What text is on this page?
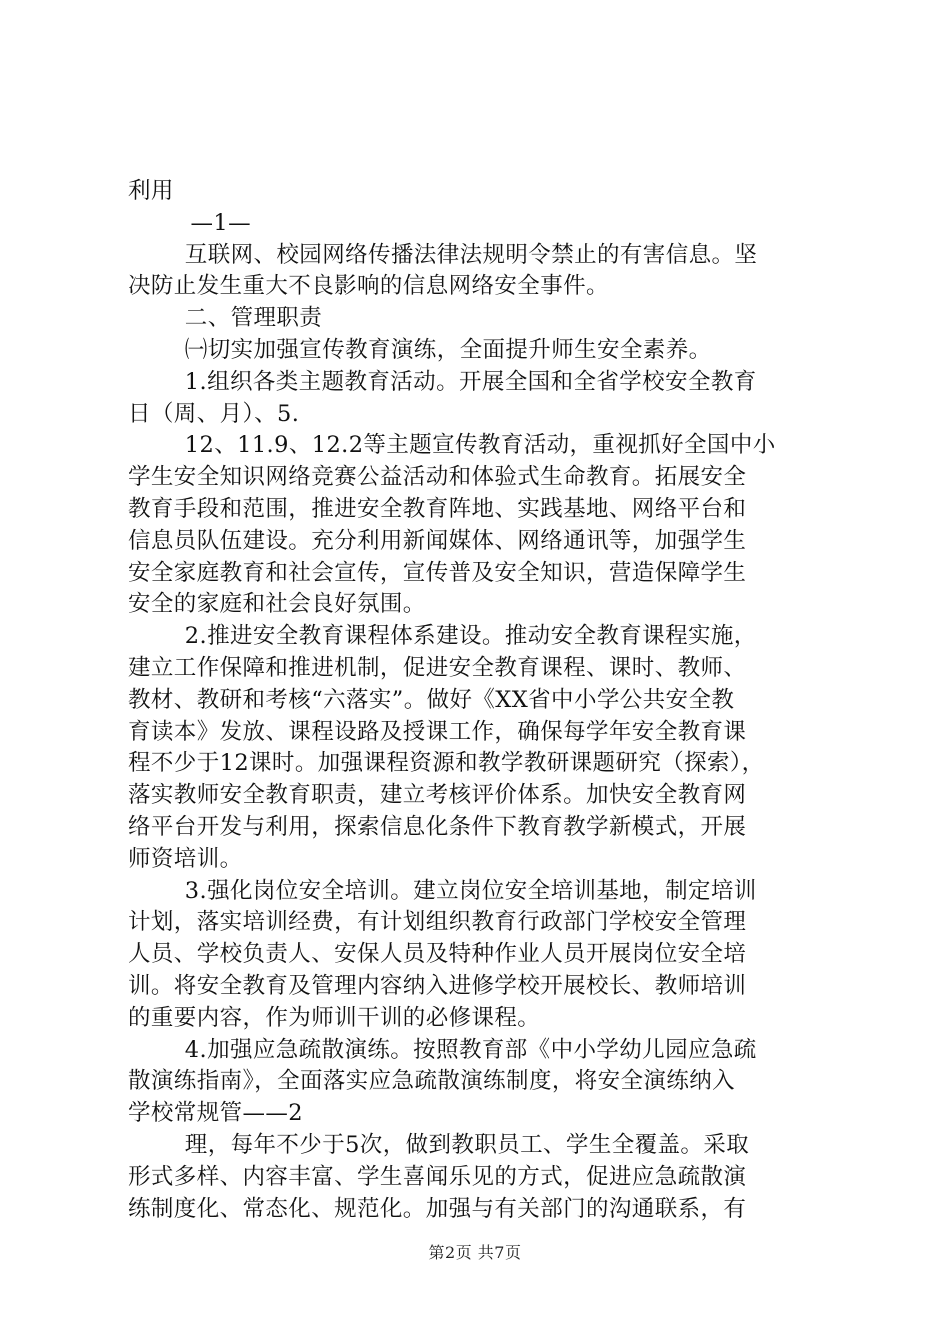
利用
—1—
互联网、校园网络传播法律法规明令禁止的有害信息。坚
决防止发生重大不良影响的信息网络安全事件。
二、管理职责
㈠切实加强宣传教育演练，全面提升师生安全素养。
1.组织各类主题教育活动。开展全国和全省学校安全教育
日（周、月）、5.
12、11.9、12.2等主题宣传教育活动，重视抓好全国中小
学生安全知识网络竞赛公益活动和体验式生命教育。拓展安全
教育手段和范围，推进安全教育阵地、实践基地、网络平台和
信息员队伍建设。充分利用新闻媒体、网络通讯等，加强学生
安全家庭教育和社会宣传，宣传普及安全知识，营造保障学生
安全的家庭和社会良好氛围。
2.推进安全教育课程体系建设。推动安全教育课程实施，
建立工作保障和推进机制，促进安全教育课程、课时、教师、
教材、教研和考核“六落实”。做好《XX省中小学公共安全教
育读本》发放、课程设路及授课工作，确保每学年安全教育课
程不少于12课时。加强课程资源和教学教研课题研究（探索），
落实教师安全教育职责，建立考核评价体系。加快安全教育网
络平台开发与利用，探索信息化条件下教育教学新模式，开展
师资培训。
3.强化岗位安全培训。建立岗位安全培训基地，制定培训
计划，落实培训经费，有计划组织教育行政部门学校安全管理
人员、学校负责人、安保人员及特种作业人员开展岗位安全培
训。将安全教育及管理内容纳入进修学校开展校长、教师培训
的重要内容，作为师训干训的必修课程。
4.加强应急疏散演练。按照教育部《中小学幼儿园应急疏
散演练指南》，全面落实应急疏散演练制度，将安全演练纳入
学校常规管——2
理，每年不少于5次，做到教职员工、学生全覆盖。采取
形式多样、内容丰富、学生喜闻乐见的方式，促进应急疏散演
练制度化、常态化、规范化。加强与有关部门的沟通联系，有
第2页 共7页
